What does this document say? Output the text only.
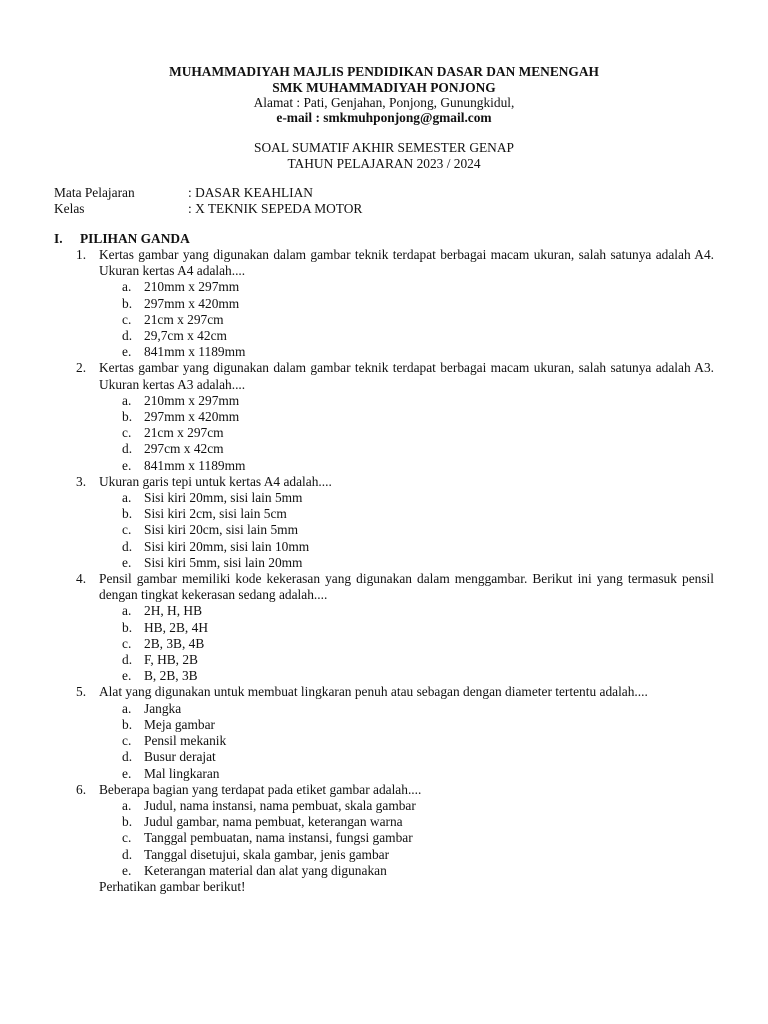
MUHAMMADIYAH MAJLIS PENDIDIKAN DASAR DAN MENENGAH
SMK MUHAMMADIYAH PONJONG
Alamat : Pati, Genjahan, Ponjong, Gunungkidul,
e-mail : smkmuhponjong@gmail.com
SOAL SUMATIF AKHIR SEMESTER GENAP
TAHUN PELAJARAN 2023 / 2024
Mata Pelajaran	: DASAR KEAHLIAN
Kelas	: X TEKNIK SEPEDA MOTOR
I. PILIHAN GANDA
Kertas gambar yang digunakan dalam gambar teknik terdapat berbagai macam ukuran, salah satunya adalah A4. Ukuran kertas A4 adalah....
1.
a. 210mm x 297mm
b. 297mm x 420mm
c. 21cm x 297cm
d. 29,7cm x 42cm
e. 841mm x 1189mm
Kertas gambar yang digunakan dalam gambar teknik terdapat berbagai macam ukuran, salah satunya adalah A3. Ukuran kertas A3 adalah....
2.
a. 210mm x 297mm
b. 297mm x 420mm
c. 21cm x 297cm
d. 297cm x 42cm
e. 841mm x 1189mm
Ukuran garis tepi untuk kertas A4 adalah....
3.
a. Sisi kiri 20mm, sisi lain 5mm
b. Sisi kiri 2cm, sisi lain 5cm
c. Sisi kiri 20cm, sisi lain 5mm
d. Sisi kiri 20mm, sisi lain 10mm
e. Sisi kiri 5mm, sisi lain 20mm
Pensil gambar memiliki kode kekerasan yang digunakan dalam menggambar. Berikut ini yang termasuk pensil dengan tingkat kekerasan sedang adalah....
4.
a. 2H, H, HB
b. HB, 2B, 4H
c. 2B, 3B, 4B
d. F, HB, 2B
e. B, 2B, 3B
Alat yang digunakan untuk membuat lingkaran penuh atau sebagan dengan diameter tertentu adalah....
5.
a. Jangka
b. Meja gambar
c. Pensil mekanik
d. Busur derajat
e. Mal lingkaran
Beberapa bagian yang terdapat pada etiket gambar adalah....
6.
a. Judul, nama instansi, nama pembuat, skala gambar
b. Judul gambar, nama pembuat, keterangan warna
c. Tanggal pembuatan, nama instansi, fungsi gambar
d. Tanggal disetujui, skala gambar, jenis gambar
e. Keterangan material dan alat yang digunakan
Perhatikan gambar berikut!
